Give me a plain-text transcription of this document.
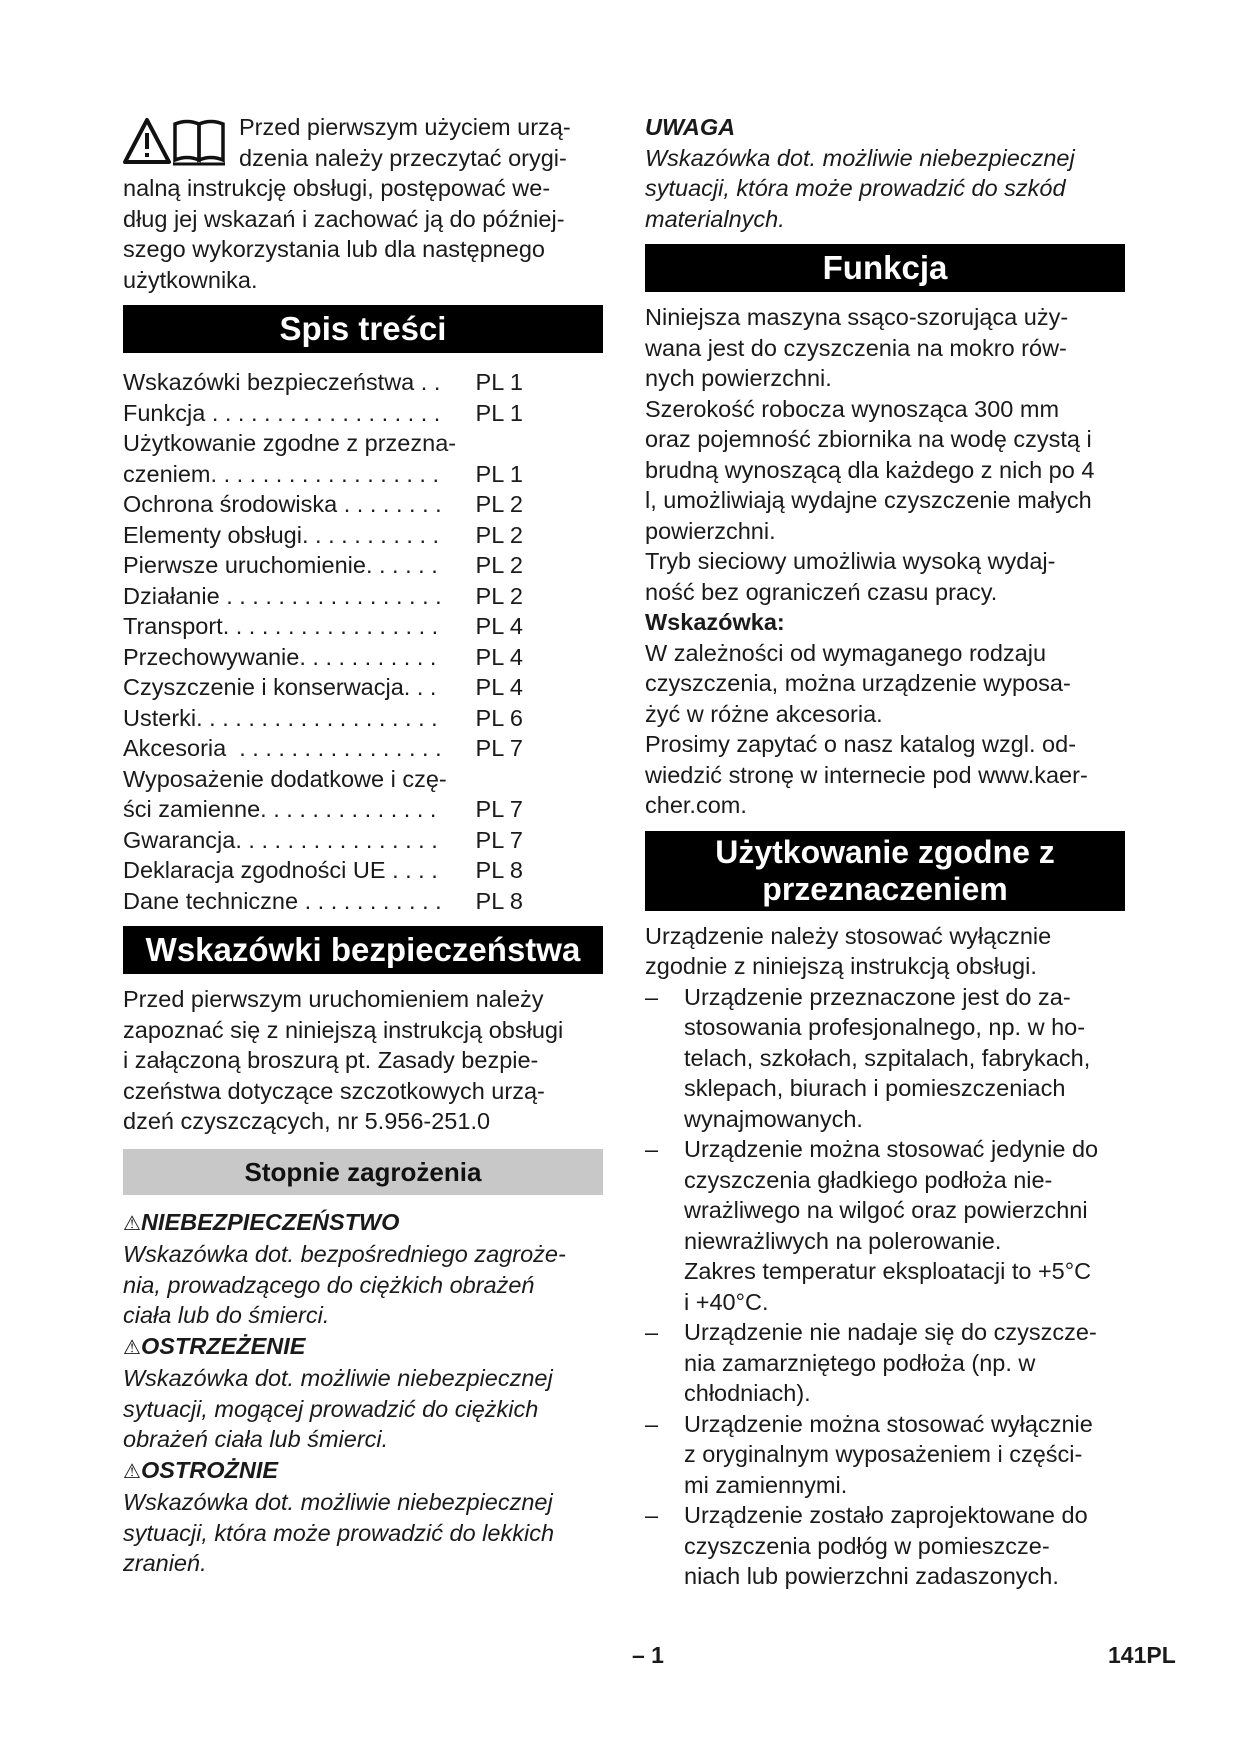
Przed pierwszym użyciem urzą-
dzenia należy przeczytać orygi-
nalną instrukcję obsługi, postępować we-
dług jej wskazań i zachować ją do później-
szego wykorzystania lub dla następnego
użytkownika.
Spis treści
Wskazówki bezpieczeństwa . . PL 1
Funkcja . . . . . . . . . . . . . . . . . . PL 1
Użytkowanie zgodne z przezna-
czeniem. . . . . . . . . . . . . . . . . .	PL 1
Ochrona środowiska . . . . . . . . PL 2
Elementy obsługi. . . . . . . . . . . PL 2
Pierwsze uruchomienie. . . . . . PL 2
Działanie . . . . . . . . . . . . . . . . . PL 2
Transport. . . . . . . . . . . . . . . . . PL 4
Przechowywanie. . . . . . . . . . . PL 4
Czyszczenie i konserwacja. . . PL 4
Usterki. . . . . . . . . . . . . . . . . . . PL 6
Akcesoria  . . . . . . . . . . . . . . . . PL 7
Wyposażenie dodatkowe i czę-
ści zamienne. . . . . . . . . . . . . .	PL 7
Gwarancja. . . . . . . . . . . . . . . . PL 7
Deklaracja zgodności UE . . . . PL 8
Dane techniczne . . . . . . . . . . . PL 8
Wskazówki bezpieczeństwa
Przed pierwszym uruchomieniem należy
zapoznać się z niniejszą instrukcją obsługi
i załączoną broszurą pt. Zasady bezpie-
czeństwa dotyczące szczotkowych urzą-
dzeń czyszczących, nr 5.956-251.0
Stopnie zagrożenia
⚠NIEBEZPIECZEŃSTWO
Wskazówka dot. bezpośredniego zagroże-
nia, prowadzącego do ciężkich obrażeń
ciała lub do śmierci.
⚠OSTRZEŻENIE
Wskazówka dot. możliwie niebezpiecznej
sytuacji, mogącej prowadzić do ciężkich
obrażeń ciała lub śmierci.
⚠OSTROŻNIE
Wskazówka dot. możliwie niebezpiecznej
sytuacji, która może prowadzić do lekkich
zranień.
UWAGA
Wskazówka dot. możliwie niebezpiecznej
sytuacji, która może prowadzić do szkód
materialnych.
Funkcja
Niniejsza maszyna ssąco-szorująca uży-
wana jest do czyszczenia na mokro rów-
nych powierzchni.
Szerokość robocza wynosząca 300 mm
oraz pojemność zbiornika na wodę czystą i
brudną wynoszącą dla każdego z nich po 4
l, umożliwiają wydajne czyszczenie małych
powierzchni.
Tryb sieciowy umożliwia wysoką wydaj-
ność bez ograniczeń czasu pracy.
Wskazówka:
W zależności od wymaganego rodzaju
czyszczenia, można urządzenie wyposa-
żyć w różne akcesoria.
Prosimy zapytać o nasz katalog wzgl. od-
wiedzić stronę w internecie pod www.kaer-
cher.com.
Użytkowanie zgodne z
przeznaczeniem
Urządzenie należy stosować wyłącznie
zgodnie z niniejszą instrukcją obsługi.
– Urządzenie przeznaczone jest do za-
stosowania profesjonalnego, np. w ho-
telach, szkołach, szpitalach, fabrykach,
sklepach, biurach i pomieszczeniach
wynajmowanych.
– Urządzenie można stosować jedynie do
czyszczenia gładkiego podłoża nie-
wrażliwego na wilgoć oraz powierzchni
niewrażliwych na polerowanie.
Zakres temperatur eksploatacji to +5°C
i +40°C.
– Urządzenie nie nadaje się do czyszcze-
nia zamarzniętego podłoża (np. w
chłodniach).
– Urządzenie można stosować wyłącznie
z oryginalnym wyposażeniem i części-
mi zamiennymi.
– Urządzenie zostało zaprojektowane do
czyszczenia podłóg w pomieszcze-
niach lub powierzchni zadaszonych.
– 1	141PL
